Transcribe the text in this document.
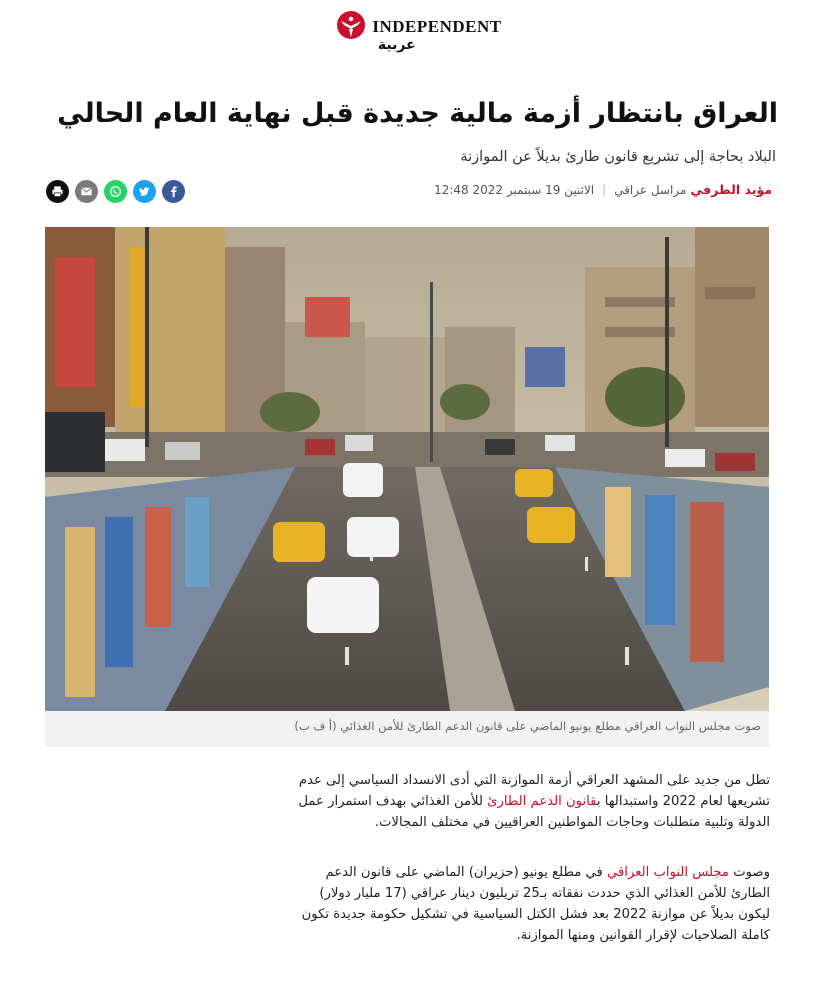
INDEPENDENT
عربية
العراق بانتظار أزمة مالية جديدة قبل نهاية العام الحالي

البلاد بحاجة إلى تشريع قانون طارئ بديلاً عن الموازنة

مؤيد الطرفي
مراسل عراقي
|
الاثنين 19 سبتمبر 2022 12:48
صوت مجلس النواب العراقي مطلع يونيو الماضي على قانون الدعم الطارئ للأمن الغذائي (أ ف ب)

تطل من جديد على المشهد العراقي أزمة الموازنة التي أدى الانسداد السياسي إلى عدم تشريعها لعام 2022 واستبدالها بقانون الدعم الطارئ للأمن الغذائي بهدف استمرار عمل الدولة وتلبية متطلبات وحاجات المواطنين العراقيين في مختلف المجالات.

وصوت مجلس النواب العراقي في مطلع يونيو (حزيران) الماضي على قانون الدعم الطارئ للأمن الغذائي الذي حددت نفقاته بـ25 تريليون دينار عراقي (17 مليار دولار) ليكون بديلاً عن موازنة 2022 بعد فشل الكتل السياسية في تشكيل حكومة جديدة تكون كاملة الصلاحيات لإقرار القوانين ومنها الموازنة.
